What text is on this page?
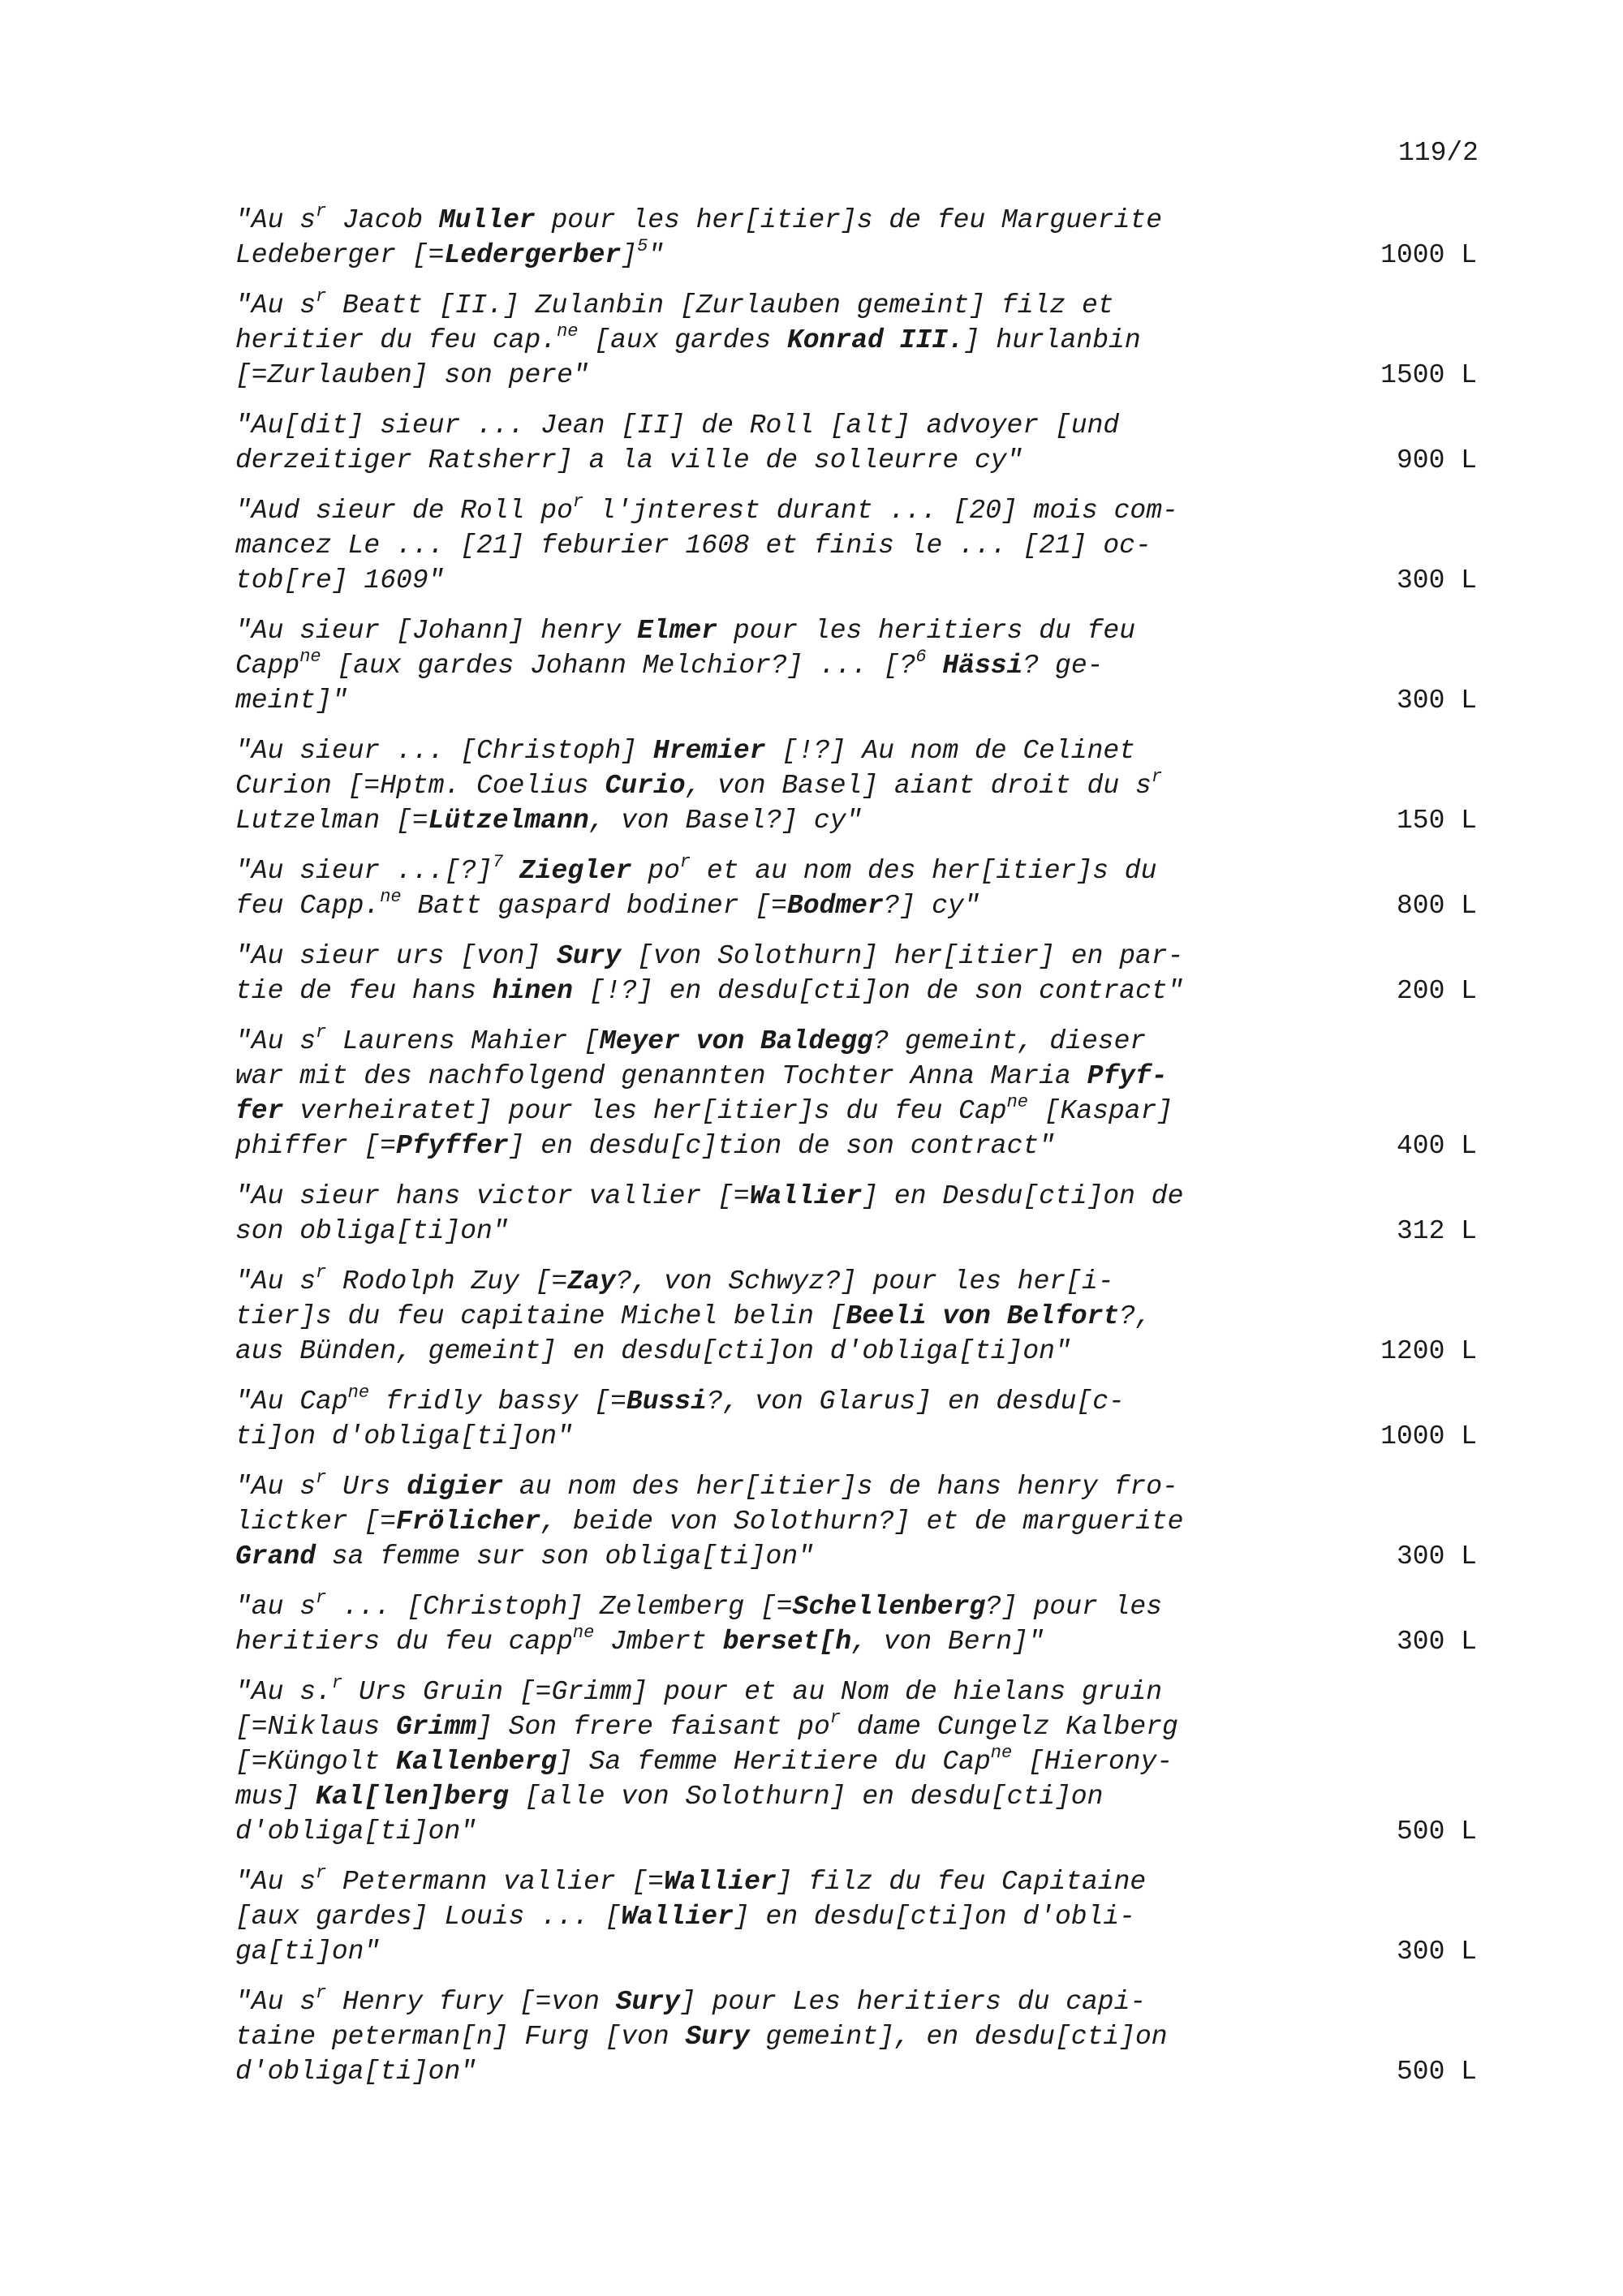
119/2
"Au $s^r$ Jacob Muller pour les her[itier]s de feu Marguerite
Ledeberger [=Ledergerber]$^5$"	1000 L
"Au $s^r$ Beatt [II.] Zulanbin [Zurlauben gemeint] filz et
heritier du feu cap.$^{ne}$ [aux gardes Konrad III.] hurlanbin
[=Zurlauben] son pere"	1500 L
"Au[dit] sieur ... Jean [II] de Roll [alt] advoyer [und
derzeitiger Ratsherr] a la ville de solleurre cy"	900 L
"Aud sieur de Roll $po^r$ l'jnterest durant ... [20] mois com-
mancez Le ... [21] feburier 1608 et finis le ... [21] oc-
tob[re] 1609"	300 L
"Au sieur [Johann] henry Elmer pour les heritiers du feu
Capp$^{ne}$ [aux gardes Johann Melchior?] ... [?$^6$ Hässi? ge-
meint]"	300 L
"Au sieur ... [Christoph] Hremier [!?] Au nom de Celinet
Curion [=Hptm. Coelius Curio, von Basel] aiant droit du $s^r$
Lutzelman [=Lützelmann, von Basel?] cy"	150 L
"Au sieur ...[?]$^7$ Ziegler $po^r$ et au nom des her[itier]s du
feu Capp.$^{ne}$ Batt gaspard bodiner [=Bodmer?] cy"	800 L
"Au sieur urs [von] Sury [von Solothurn] her[itier] en par-
tie de feu hans hinen [!?] en desdu[cti]on de son contract"	200 L
"Au $s^r$ Laurens Mahier [Meyer von Baldegg? gemeint, dieser
war mit des nachfolgend genannten Tochter Anna Maria Pfyf-
fer verheiratet] pour les her[itier]s du feu Cap$^{ne}$ [Kaspar]
phiffer [=Pfyffer] en desdu[c]tion de son contract"	400 L
"Au sieur hans victor vallier [=Wallier] en Desdu[cti]on de
son obliga[ti]on"	312 L
"Au $s^r$ Rodolph Zuy [=Zay?, von Schwyz?] pour les her[i-
tier]s du feu capitaine Michel belin [Beeli von Belfort?,
aus Bünden, gemeint] en desdu[cti]on d'obliga[ti]on"	1200 L
"Au Cap$^{ne}$ fridly bassy [=Bussi?, von Glarus] en desdu[c-
ti]on d'obliga[ti]on"	1000 L
"Au $s^r$ Urs digier au nom des her[itier]s de hans henry fro-
lictker [=Frölicher, beide von Solothurn?] et de marguerite
Grand sa femme sur son obliga[ti]on"	300 L
"au $s^r$ ... [Christoph] Zelemberg [=Schellenberg?] pour les
heritiers du feu capp$^{ne}$ Jmbert berset[h, von Bern]"	300 L
"Au s.$^r$ Urs Gruin [=Grimm] pour et au Nom de hielans gruin
[=Niklaus Grimm] Son frere faisant $po^r$ dame Cungelz Kalberg
[=Küngolt Kallenberg] Sa femme Heritiere du Cap$^{ne}$ [Hierony-
mus] Kal[len]berg [alle von Solothurn] en desdu[cti]on
d'obliga[ti]on"	500 L
"Au $s^r$ Petermann vallier [=Wallier] filz du feu Capitaine
[aux gardes] Louis ... [Wallier] en desdu[cti]on d'obli-
ga[ti]on"	300 L
"Au $s^r$ Henry fury [=von Sury] pour Les heritiers du capi-
taine peterman[n] Furg [von Sury gemeint], en desdu[cti]on
d'obliga[ti]on"	500 L
